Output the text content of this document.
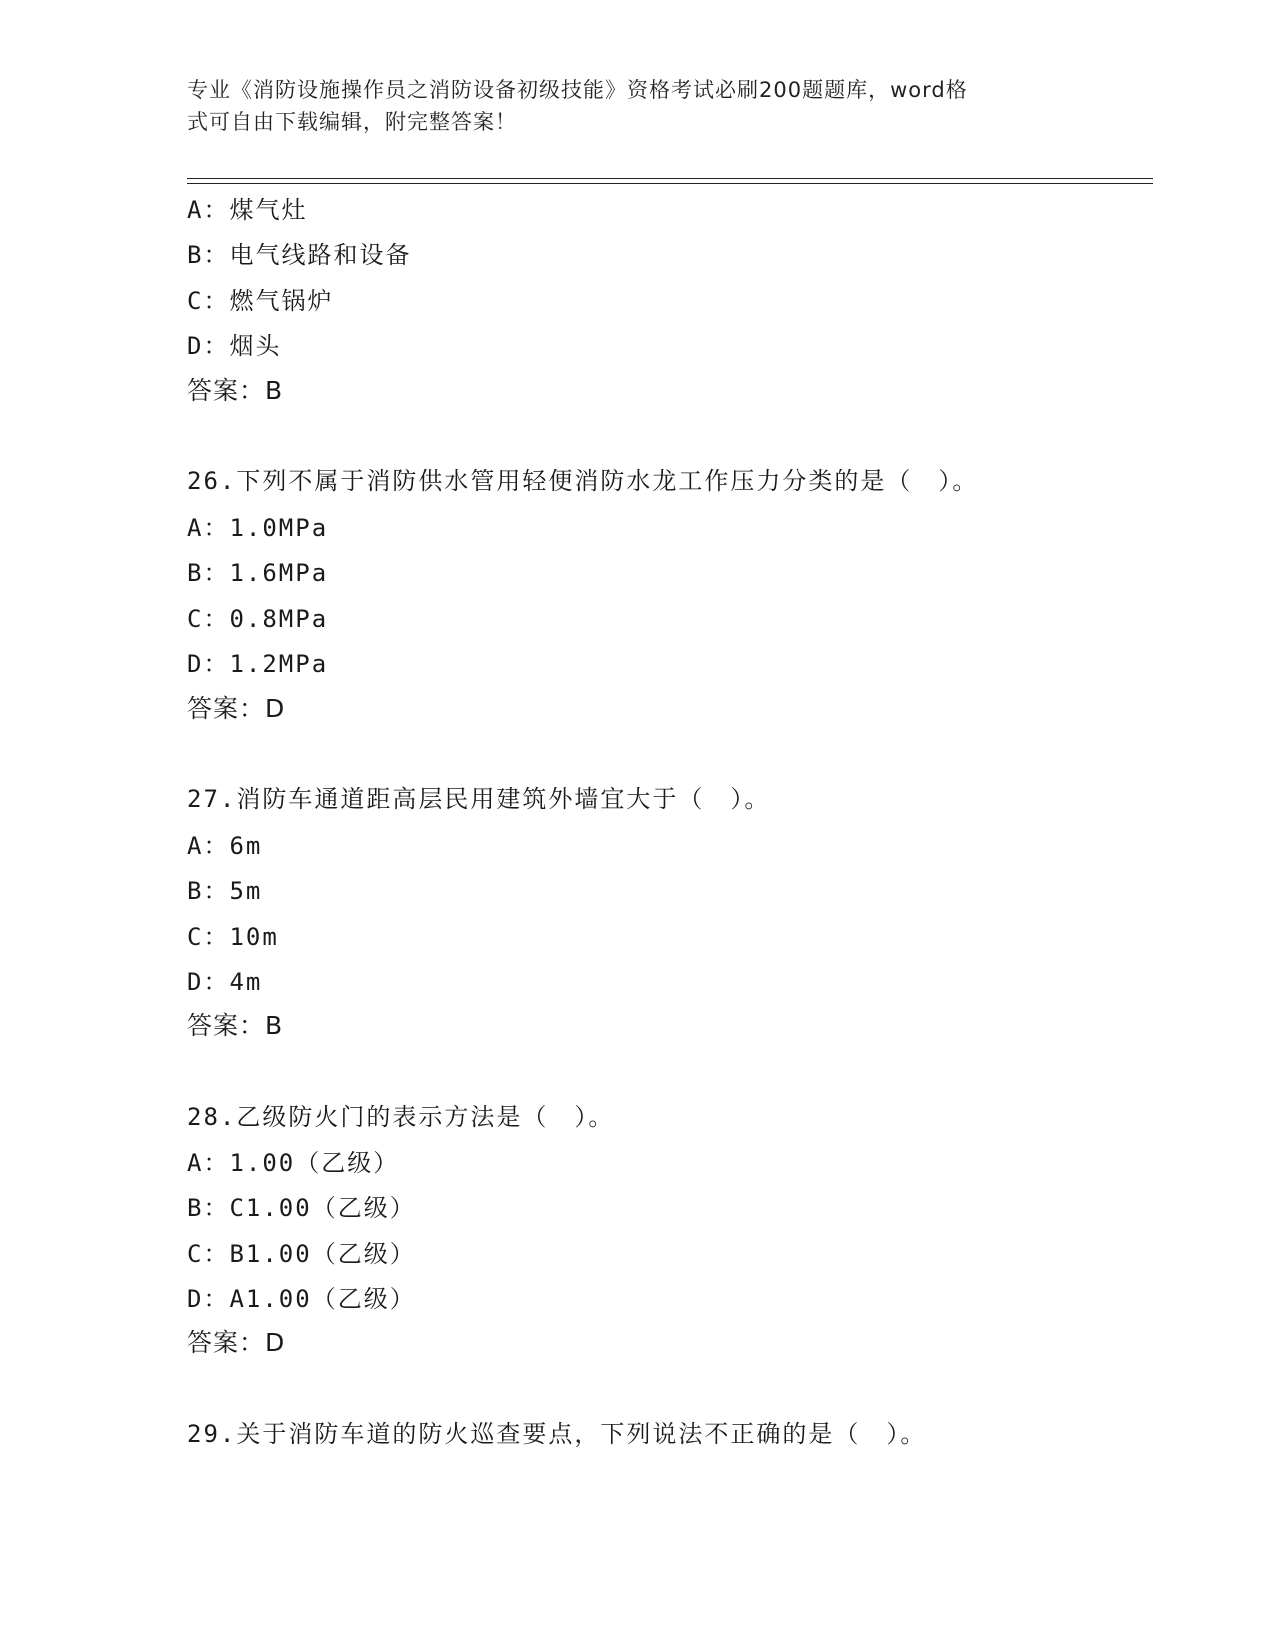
专业《消防设施操作员之消防设备初级技能》资格考试必刷200题题库，word格
式可自由下载编辑，附完整答案！
A：煤气灶
B：电气线路和设备
C：燃气锅炉
D：烟头
答案：B
26.下列不属于消防供水管用轻便消防水龙工作压力分类的是（　）。
A：1.0MPa
B：1.6MPa
C：0.8MPa
D：1.2MPa
答案：D
27.消防车通道距高层民用建筑外墙宜大于（　）。
A：6m
B：5m
C：10m
D：4m
答案：B
28.乙级防火门的表示方法是（　）。
A：1.00（乙级）
B：C1.00（乙级）
C：B1.00（乙级）
D：A1.00（乙级）
答案：D
29.关于消防车道的防火巡查要点，下列说法不正确的是（　）。
